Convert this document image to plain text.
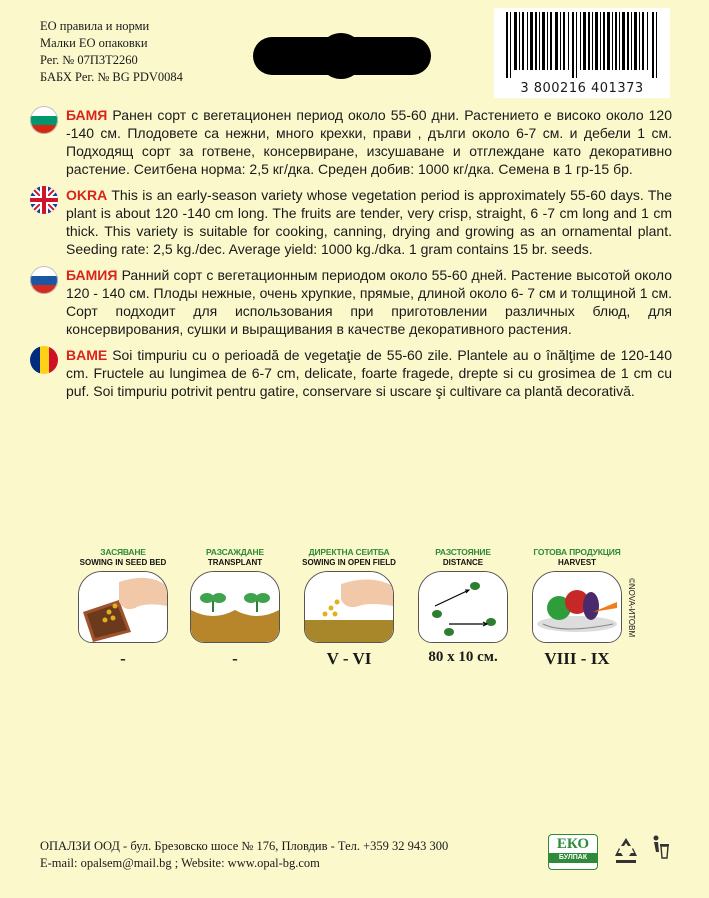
ЕО правила и норми
Малки ЕО опаковки
Рег. № 07П3Т2260
БАБХ Рег. № BG PDV0084
3 800216 401373

БАМЯ Ранен сорт с вегетационен период около 55-60 дни. Растението е високо около 120 -140 см. Плодовете са нежни, много крехки, прави , дълги около 6-7 см. и дебели 1 см. Подходящ сорт за готвене, консервиране, изсушаване и отглеждане като декоративно растение. Сеитбена норма: 2,5 кг/дка. Среден добив: 1000 кг/дка. Семена в 1 гр-15 бр.

OKRA This is an early-season variety whose vegetation period is approximately 55-60 days. The plant is about 120 -140 cm long. The fruits are tender, very crisp, straight, 6 -7 cm long and 1 cm thick. This variety is suitable for cooking, canning, drying and growing as an ornamental plant. Seeding rate: 2,5 kg./dec. Average yield: 1000 kg./dka. 1 gram contains 15 br. seeds.

БАМИЯ Ранний сорт с вегетационным периодом около 55-60 дней. Растение высотой около 120 - 140 см. Плоды нежные, очень хрупкие, прямые, длиной около 6- 7 см и толщиной 1 см. Сорт подходит для использования при приготовлении различных блюд, для консервирования, сушки и выращивания в качестве декоративного растения.

BAME Soi timpuriu cu o perioadă de vegetaţie de 55-60 zile. Plantele au o înălţime de 120-140 cm. Fructele au lungimea de 6-7 cm, delicate, foarte fragede, drepte si cu grosimea de 1 cm cu puf. Soi timpuriu potrivit pentru gatire, conservare si uscare şi cultivare ca plantă decorativă.

ЗАСЯВАНЕ
SOWING IN SEED BED
-
РАЗСАЖДАНЕ
TRANSPLANT
-
ДИРЕКТНА СЕИТБА
SOWING IN OPEN FIELD
V - VI
РАЗСТОЯНИЕ
DISTANCE
80 x 10 см.
ГОТОВА ПРОДУКЦИЯ
HARVEST
VIII - IX
©NOVA-ИТОВМ
ОПАЛЗИ ООД - бул. Брезовско шосе № 176, Пловдив - Тел. +359 32 943 300
E-mail: opalsem@mail.bg ; Website: www.opal-bg.com
ЕКО
БУЛПАК
